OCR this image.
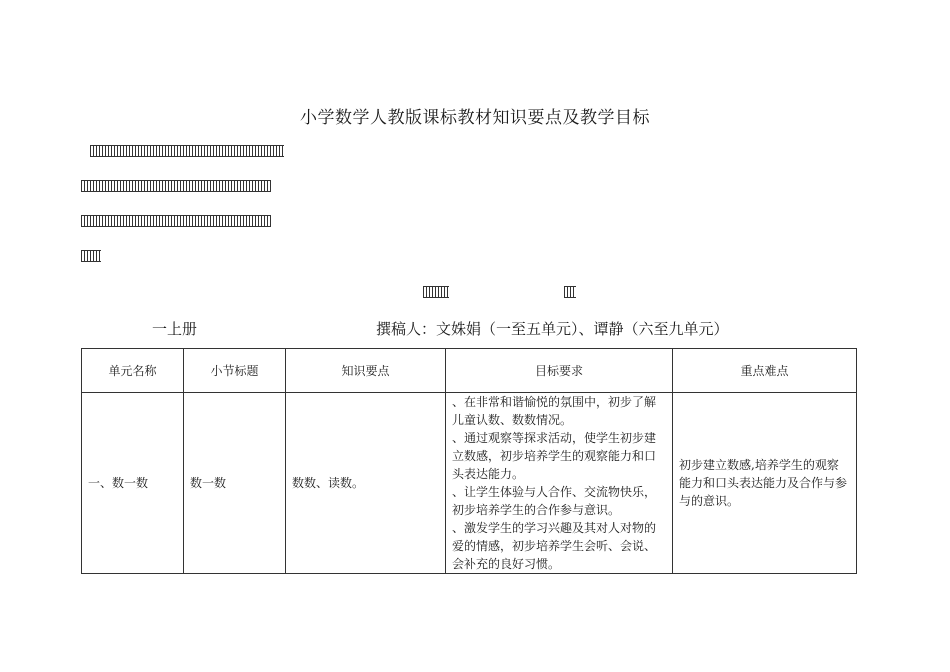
小学数学人教版课标教材知识要点及教学目标
一上册	撰稿人：文姝娟（一至五单元）、谭静（六至九单元）
单元名称	小节标题	知识要点	目标要求	重点难点
一、数一数	数一数	数数、读数。	、在非常和谐愉悦的氛围中，初步了解儿童认数、数数情况。
、通过观察等探求活动，使学生初步建立数感，初步培养学生的观察能力和口头表达能力。
、让学生体验与人合作、交流物快乐，初步培养学生的合作参与意识。
、激发学生的学习兴趣及其对人对物的爱的情感，初步培养学生会听、会说、会补充的良好习惯。	初步建立数感,培养学生的观察能力和口头表达能力及合作与参与的意识。
